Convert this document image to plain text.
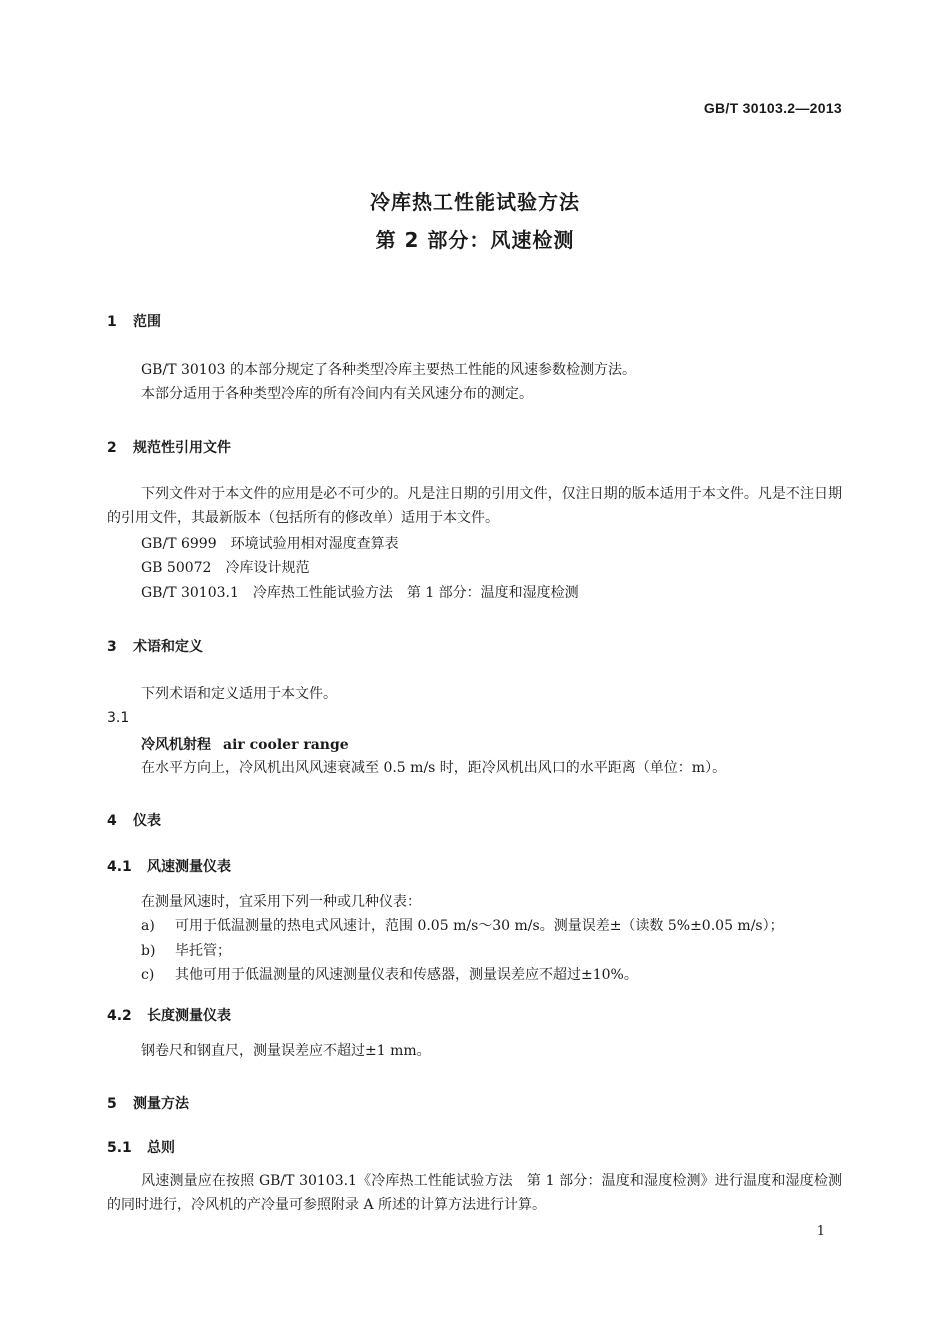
GB/T 30103.2—2013
冷库热工性能试验方法
第 2 部分：风速检测
1 范围
GB/T 30103 的本部分规定了各种类型冷库主要热工性能的风速参数检测方法。
本部分适用于各种类型冷库的所有冷间内有关风速分布的测定。
2 规范性引用文件
下列文件对于本文件的应用是必不可少的。凡是注日期的引用文件，仅注日期的版本适用于本文件。凡是不注日期的引用文件，其最新版本（包括所有的修改单）适用于本文件。
GB/T 6999　环境试验用相对湿度查算表
GB 50072　冷库设计规范
GB/T 30103.1　冷库热工性能试验方法　第 1 部分：温度和湿度检测
3 术语和定义
下列术语和定义适用于本文件。
3.1
冷风机射程 air cooler range
在水平方向上，冷风机出风风速衰减至 0.5 m/s 时，距冷风机出风口的水平距离（单位：m）。
4 仪表
4.1 风速测量仪表
在测量风速时，宜采用下列一种或几种仪表：
a) 可用于低温测量的热电式风速计，范围 0.05 m/s～30 m/s。测量误差±（读数 5%±0.05 m/s）；
b) 毕托管；
c) 其他可用于低温测量的风速测量仪表和传感器，测量误差应不超过±10%。
4.2 长度测量仪表
钢卷尺和钢直尺，测量误差应不超过±1 mm。
5 测量方法
5.1 总则
风速测量应在按照 GB/T 30103.1《冷库热工性能试验方法　第 1 部分：温度和湿度检测》进行温度和湿度检测的同时进行，冷风机的产冷量可参照附录 A 所述的计算方法进行计算。
1
